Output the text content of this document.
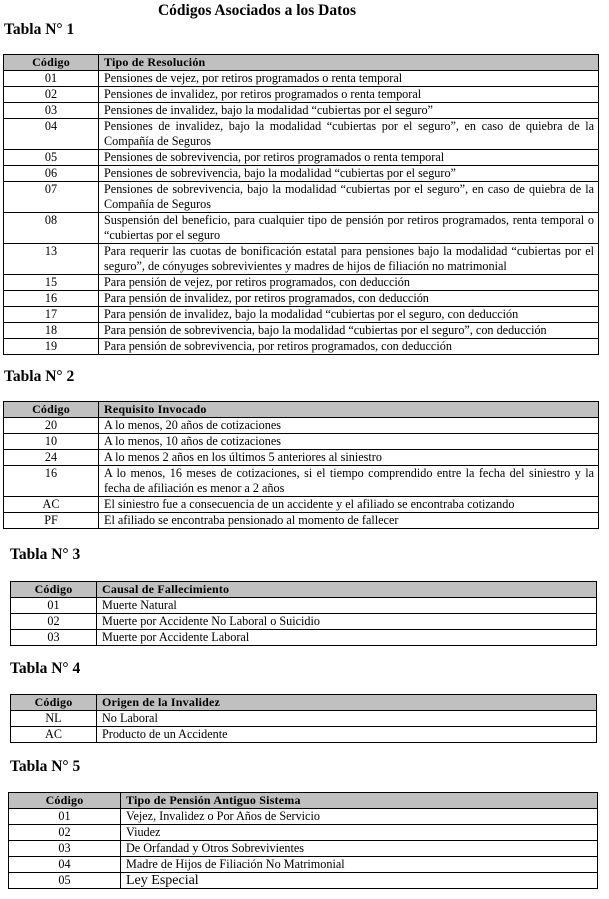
Códigos Asociados a los Datos
Tabla N° 1
Código	Tipo de Resolución
01	Pensiones de vejez, por retiros programados o renta temporal
02	Pensiones de invalidez, por retiros programados o renta temporal
03	Pensiones de invalidez, bajo la modalidad “cubiertas por el seguro”
04	Pensiones de invalidez, bajo la modalidad “cubiertas por el seguro”, en caso de quiebra de la Compañía de Seguros
05	Pensiones de sobrevivencia, por retiros programados o renta temporal
06	Pensiones de sobrevivencia, bajo la modalidad “cubiertas por el seguro”
07	Pensiones de sobrevivencia, bajo la modalidad “cubiertas por el seguro”, en caso de quiebra de la Compañía de Seguros
08	Suspensión del beneficio, para cualquier tipo de pensión por retiros programados, renta temporal o “cubiertas por el seguro
13	Para requerir las cuotas de bonificación estatal para pensiones bajo la modalidad “cubiertas por el seguro”, de cónyuges sobrevivientes y madres de hijos de filiación no matrimonial
15	Para pensión de vejez, por retiros programados, con deducción
16	Para pensión de invalidez, por retiros programados, con deducción
17	Para pensión de invalidez, bajo la modalidad “cubiertas por el seguro, con deducción
18	Para pensión de sobrevivencia, bajo la modalidad “cubiertas por el seguro”, con deducción
19	Para pensión de sobrevivencia, por retiros programados, con deducción
Tabla N° 2
Código	Requisito Invocado
20	A lo menos, 20 años de cotizaciones
10	A lo menos, 10 años de cotizaciones
24	A lo menos 2 años en los últimos 5 anteriores al siniestro
16	A lo menos, 16 meses de cotizaciones, si el tiempo comprendido entre la fecha del siniestro y la fecha de afiliación es menor a 2 años
AC	El siniestro fue a consecuencia de un accidente y el afiliado se encontraba cotizando
PF	El afiliado se encontraba pensionado al momento de fallecer
Tabla N° 3
Código	Causal de Fallecimiento
01	Muerte Natural
02	Muerte por Accidente No Laboral o Suicidio
03	Muerte por Accidente Laboral
Tabla N° 4
Código	Origen de la Invalidez
NL	No Laboral
AC	Producto de un Accidente
Tabla N° 5
Código	Tipo de Pensión Antiguo Sistema
01	Vejez, Invalidez o Por Años de Servicio
02	Viudez
03	De Orfandad y Otros Sobrevivientes
04	Madre de Hijos de Filiación No Matrimonial
05	Ley Especial
